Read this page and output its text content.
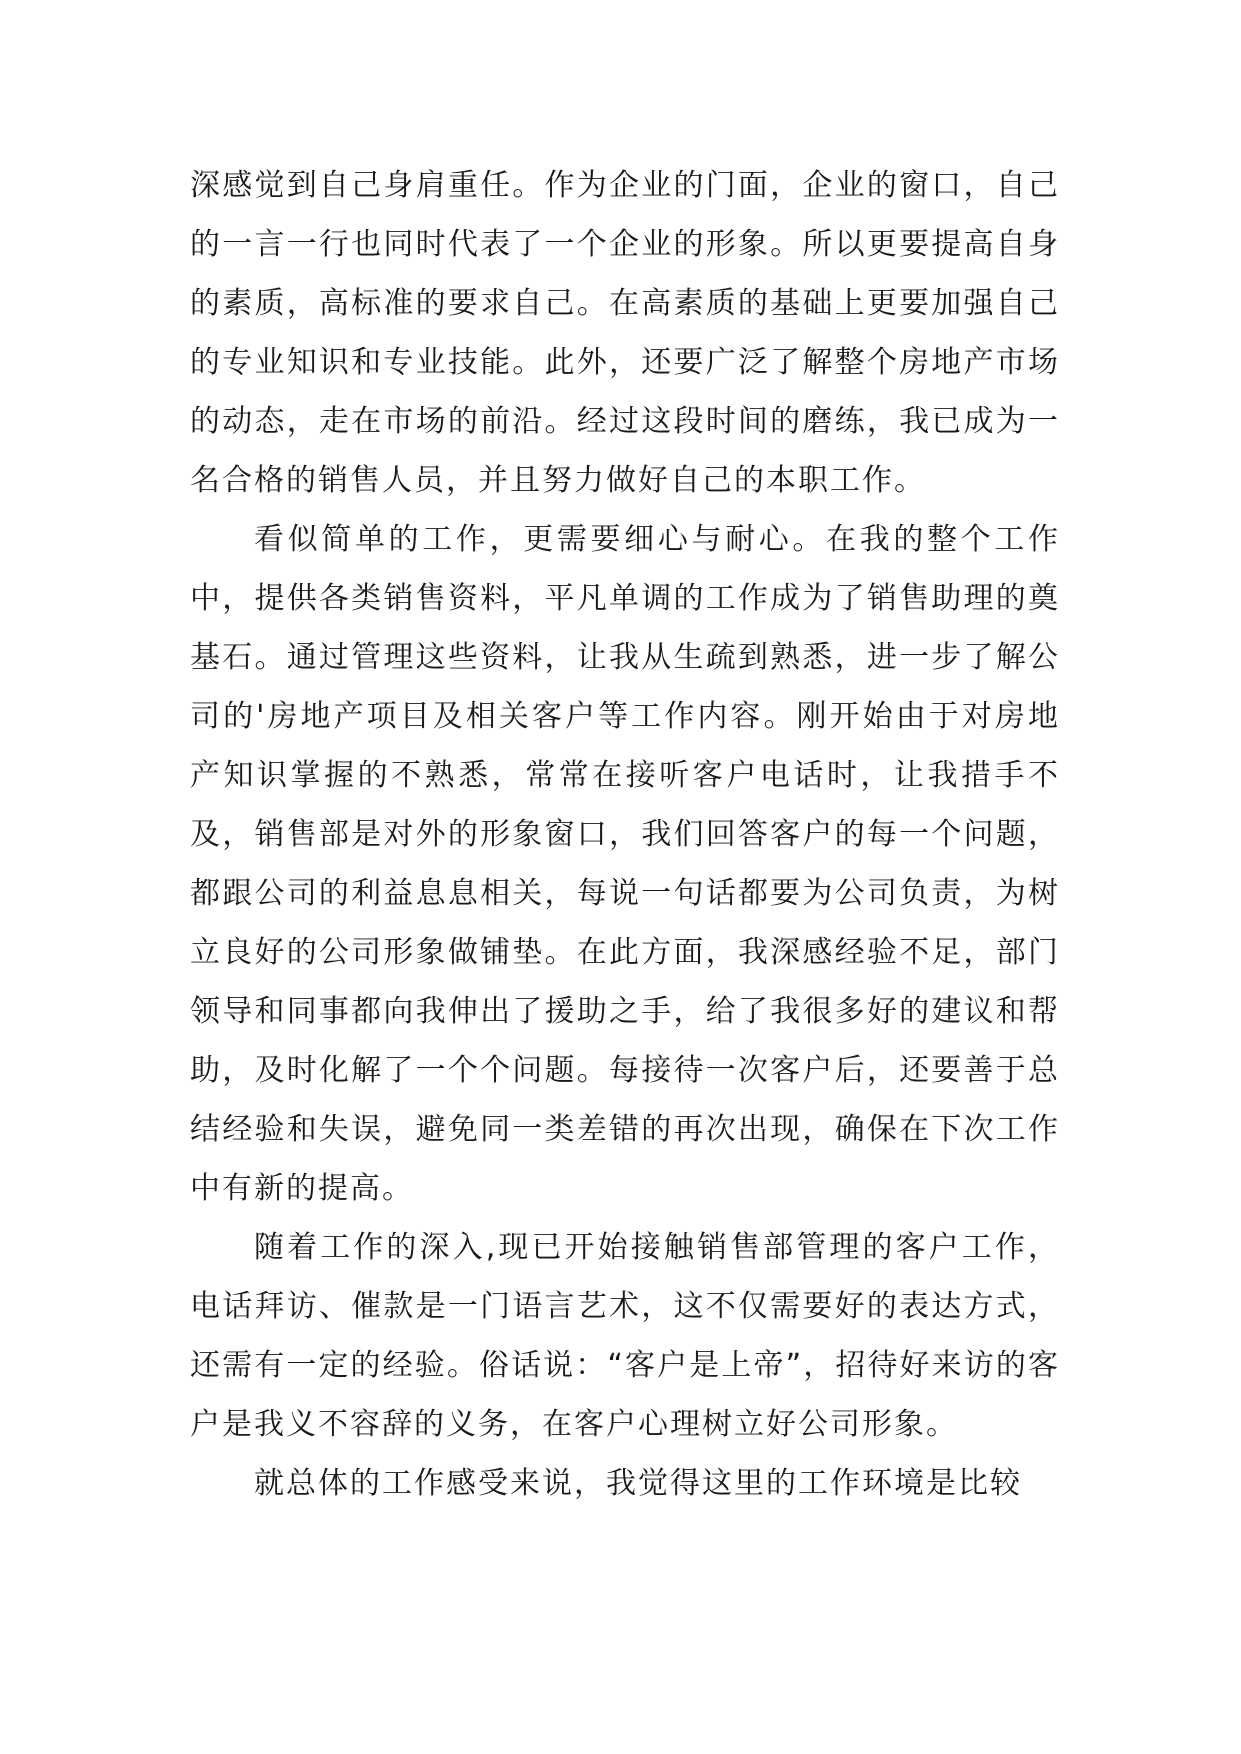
深感觉到自己身肩重任。作为企业的门面，企业的窗口，自己的一言一行也同时代表了一个企业的形象。所以更要提高自身的素质，高标准的要求自己。在高素质的基础上更要加强自己的专业知识和专业技能。此外，还要广泛了解整个房地产市场的动态，走在市场的前沿。经过这段时间的磨练，我已成为一名合格的销售人员，并且努力做好自己的本职工作。

看似简单的工作，更需要细心与耐心。在我的整个工作中，提供各类销售资料，平凡单调的工作成为了销售助理的奠基石。通过管理这些资料，让我从生疏到熟悉，进一步了解公司的'房地产项目及相关客户等工作内容。刚开始由于对房地产知识掌握的不熟悉，常常在接听客户电话时，让我措手不及，销售部是对外的形象窗口，我们回答客户的每一个问题，都跟公司的利益息息相关，每说一句话都要为公司负责，为树立良好的公司形象做铺垫。在此方面，我深感经验不足，部门领导和同事都向我伸出了援助之手，给了我很多好的建议和帮助，及时化解了一个个问题。每接待一次客户后，还要善于总结经验和失误，避免同一类差错的再次出现，确保在下次工作中有新的提高。

随着工作的深入,现已开始接触销售部管理的客户工作，电话拜访、催款是一门语言艺术，这不仅需要好的表达方式，还需有一定的经验。俗话说：“客户是上帝”，招待好来访的客户是我义不容辞的义务，在客户心理树立好公司形象。

就总体的工作感受来说，我觉得这里的工作环境是比较
